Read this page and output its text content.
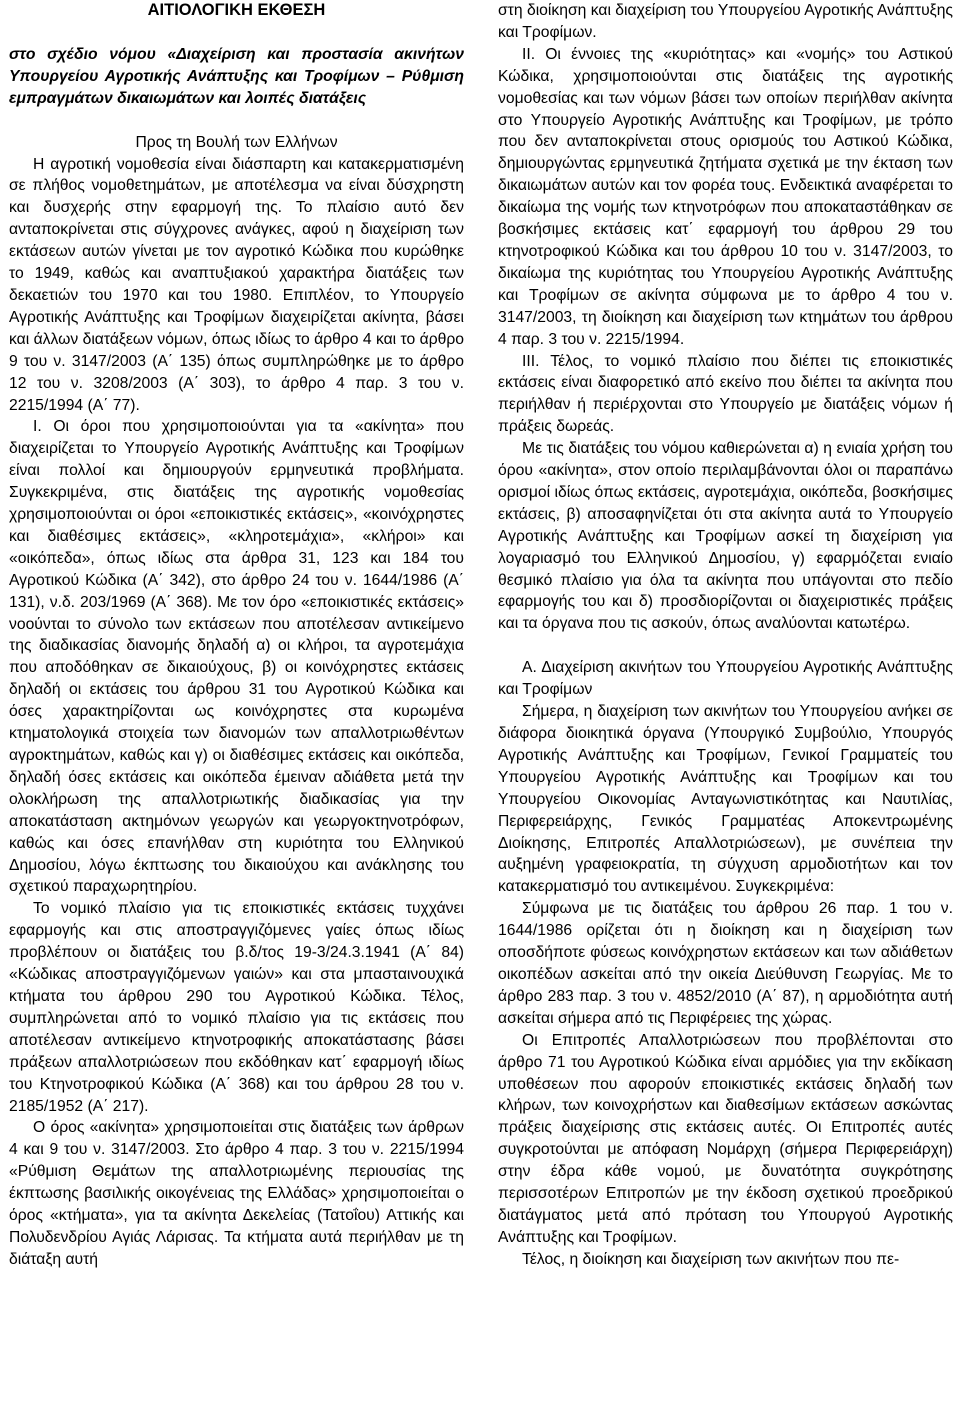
ΑΙΤΙΟΛΟΓΙΚΗ ΕΚΘΕΣΗ

στο σχέδιο νόμου «Διαχείριση και προστασία ακινήτων Υπουργείου Αγροτικής Ανάπτυξης και Τροφίμων – Ρύθμιση εμπραγμάτων δικαιωμάτων και λοιπές διατάξεις

Προς τη Βουλή των Ελλήνων

Η αγροτική νομοθεσία είναι διάσπαρτη και κατακερματισμένη σε πλήθος νομοθετημάτων, με αποτέλεσμα να είναι δύσχρηστη και δυσχερής στην εφαρμογή της. Το πλαίσιο αυτό δεν ανταποκρίνεται στις σύγχρονες ανάγκες, αφού η διαχείριση των εκτάσεων αυτών γίνεται με τον αγροτικό Κώδικα που κυρώθηκε το 1949, καθώς και αναπτυξιακού χαρακτήρα διατάξεις των δεκαετιών του 1970 και του 1980. Επιπλέον, το Υπουργείο Αγροτικής Ανάπτυξης και Τροφίμων διαχειρίζεται ακίνητα, βάσει και άλλων διατάξεων νόμων, όπως ιδίως το άρθρο 4 και το άρθρο 9 του ν. 3147/2003 (Α΄ 135) όπως συμπληρώθηκε με το άρθρο 12 του ν. 3208/2003 (Α΄ 303), το άρθρο 4 παρ. 3 του ν. 2215/1994 (Α΄ 77).

Ι. Οι όροι που χρησιμοποιούνται για τα «ακίνητα» που διαχειρίζεται το Υπουργείο Αγροτικής Ανάπτυξης και Τροφίμων είναι πολλοί και δημιουργούν ερμηνευτικά προβλήματα. Συγκεκριμένα, στις διατάξεις της αγροτικής νομοθεσίας χρησιμοποιούνται οι όροι «εποικιστικές εκτάσεις», «κοινόχρηστες και διαθέσιμες εκτάσεις», «κληροτεμάχια», «κλήροι» και «οικόπεδα», όπως ιδίως στα άρθρα 31, 123 και 184 του Αγροτικού Κώδικα (Α΄ 342), στο άρθρο 24 του ν. 1644/1986 (Α΄ 131), ν.δ. 203/1969 (Α΄ 368). Με τον όρο «εποικιστικές εκτάσεις» νοούνται το σύνολο των εκτάσεων που αποτέλεσαν αντικείμενο της διαδικασίας διανομής δηλαδή α) οι κλήροι, τα αγροτεμάχια που αποδόθηκαν σε δικαιούχους, β) οι κοινόχρηστες εκτάσεις δηλαδή οι εκτάσεις του άρθρου 31 του Αγροτικού Κώδικα και όσες χαρακτηρίζονται ως κοινόχρηστες στα κυρωμένα κτηματολογικά στοιχεία των διανομών των απαλλοτριωθέντων αγροκτημάτων, καθώς και γ) οι διαθέσιμες εκτάσεις και οικόπεδα, δηλαδή όσες εκτάσεις και οικόπεδα έμειναν αδιάθετα μετά την ολοκλήρωση της απαλλοτριωτικής διαδικασίας για την αποκατάσταση ακτημόνων γεωργών και γεωργοκτηνοτρόφων, καθώς και όσες επανήλθαν στη κυριότητα του Ελληνικού Δημοσίου, λόγω έκπτωσης του δικαιούχου και ανάκλησης του σχετικού παραχωρητηρίου.

Το νομικό πλαίσιο για τις εποικιστικές εκτάσεις τυχχάνει εφαρμογής και στις αποστραγγιζόμενες γαίες όπως ιδίως προβλέπουν οι διατάξεις του β.δ/τος 19-3/24.3.1941 (Α΄ 84) «Κώδικας αποστραγγιζόμενων γαιών» και στα μπασταινουχικά κτήματα του άρθρου 290 του Αγροτικού Κώδικα. Τέλος, συμπληρώνεται από το νομικό πλαίσιο για τις εκτάσεις που αποτέλεσαν αντικείμενο κτηνοτροφικής αποκατάστασης βάσει πράξεων απαλλοτριώσεων που εκδόθηκαν κατ΄ εφαρμογή ιδίως του Κτηνοτροφικού Κώδικα (Α΄ 368) και του άρθρου 28 του ν. 2185/1952 (Α΄ 217).

Ο όρος «ακίνητα» χρησιμοποιείται στις διατάξεις των άρθρων 4 και 9 του ν. 3147/2003. Στο άρθρο 4 παρ. 3 του ν. 2215/1994 «Ρύθμιση Θεμάτων της απαλλοτριωμένης περιουσίας της έκπτωσης βασιλικής οικογένειας της Ελλάδας» χρησιμοποιείται ο όρος «κτήματα», για τα ακίνητα Δεκελείας (Τατοΐου) Αττικής και Πολυδενδρίου Αγιάς Λάρισας. Τα κτήματα αυτά περιήλθαν με τη διάταξη αυτή

στη διοίκηση και διαχείριση του Υπουργείου Αγροτικής Ανάπτυξης και Τροφίμων.

ΙΙ. Οι έννοιες της «κυριότητας» και «νομής» του Αστικού Κώδικα, χρησιμοποιούνται στις διατάξεις της αγροτικής νομοθεσίας και των νόμων βάσει των οποίων περιήλθαν ακίνητα στο Υπουργείο Αγροτικής Ανάπτυξης και Τροφίμων, με τρόπο που δεν ανταποκρίνεται στους ορισμούς του Αστικού Κώδικα, δημιουργώντας ερμηνευτικά ζητήματα σχετικά με την έκταση των δικαιωμάτων αυτών και τον φορέα τους. Ενδεικτικά αναφέρεται το δικαίωμα της νομής των κτηνοτρόφων που αποκαταστάθηκαν σε βοσκήσιμες εκτάσεις κατ΄ εφαρμογή του άρθρου 29 του κτηνοτροφικού Κώδικα και του άρθρου 10 του ν. 3147/2003, το δικαίωμα της κυριότητας του Υπουργείου Αγροτικής Ανάπτυξης και Τροφίμων σε ακίνητα σύμφωνα με το άρθρο 4 του ν. 3147/2003, τη διοίκηση και διαχείριση των κτημάτων του άρθρου 4 παρ. 3 του ν. 2215/1994.

ΙΙΙ. Τέλος, το νομικό πλαίσιο που διέπει τις εποικιστικές εκτάσεις είναι διαφορετικό από εκείνο που διέπει τα ακίνητα που περιήλθαν ή περιέρχονται στο Υπουργείο με διατάξεις νόμων ή πράξεις δωρεάς.

Με τις διατάξεις του νόμου καθιερώνεται α) η ενιαία χρήση του όρου «ακίνητα», στον οποίο περιλαμβάνονται όλοι οι παραπάνω ορισμοί ιδίως όπως εκτάσεις, αγροτεμάχια, οικόπεδα, βοσκήσιμες εκτάσεις, β) αποσαφηνίζεται ότι στα ακίνητα αυτά το Υπουργείο Αγροτικής Ανάπτυξης και Τροφίμων ασκεί τη διαχείριση για λογαριασμό του Ελληνικού Δημοσίου, γ) εφαρμόζεται ενιαίο θεσμικό πλαίσιο για όλα τα ακίνητα που υπάγονται στο πεδίο εφαρμογής του και δ) προσδιορίζονται οι διαχειριστικές πράξεις και τα όργανα που τις ασκούν, όπως αναλύονται κατωτέρω.

Α. Διαχείριση ακινήτων του Υπουργείου Αγροτικής Ανάπτυξης και Τροφίμων

Σήμερα, η διαχείριση των ακινήτων του Υπουργείου ανήκει σε διάφορα διοικητικά όργανα (Υπουργικό Συμβούλιο, Υπουργός Αγροτικής Ανάπτυξης και Τροφίμων, Γενικοί Γραμματείς του Υπουργείου Αγροτικής Ανάπτυξης και Τροφίμων και του Υπουργείου Οικονομίας Ανταγωνιστικότητας και Ναυτιλίας, Περιφερειάρχης, Γενικός Γραμματέας Αποκεντρωμένης Διοίκησης, Επιτροπές Απαλλοτριώσεων), με συνέπεια την αυξημένη γραφειοκρατία, τη σύγχυση αρμοδιοτήτων και τον κατακερματισμό του αντικειμένου. Συγκεκριμένα:

Σύμφωνα με τις διατάξεις του άρθρου 26 παρ. 1 του ν. 1644/1986 ορίζεται ότι η διοίκηση και η διαχείριση των οποσδήποτε φύσεως κοινόχρηστων εκτάσεων και των αδιάθετων οικοπέδων ασκείται από την οικεία Διεύθυνση Γεωργίας. Με το άρθρο 283 παρ. 3 του ν. 4852/2010 (Α΄ 87), η αρμοδιότητα αυτή ασκείται σήμερα από τις Περιφέρειες της χώρας.

Οι Επιτροπές Απαλλοτριώσεων που προβλέπονται στο άρθρο 71 του Αγροτικού Κώδικα είναι αρμόδιες για την εκδίκαση υποθέσεων που αφορούν εποικιστικές εκτάσεις δηλαδή των κλήρων, των κοινοχρήστων και διαθεσίμων εκτάσεων ασκώντας πράξεις διαχείρισης στις εκτάσεις αυτές. Οι Επιτροπές αυτές συγκροτούνται με απόφαση Νομάρχη (σήμερα Περιφερειάρχη) στην έδρα κάθε νομού, με δυνατότητα συγκρότησης περισσοτέρων Επιτροπών με την έκδοση σχετικού προεδρικού διατάγματος μετά από πρόταση του Υπουργού Αγροτικής Ανάπτυξης και Τροφίμων.

Τέλος, η διοίκηση και διαχείριση των ακινήτων που πε-
